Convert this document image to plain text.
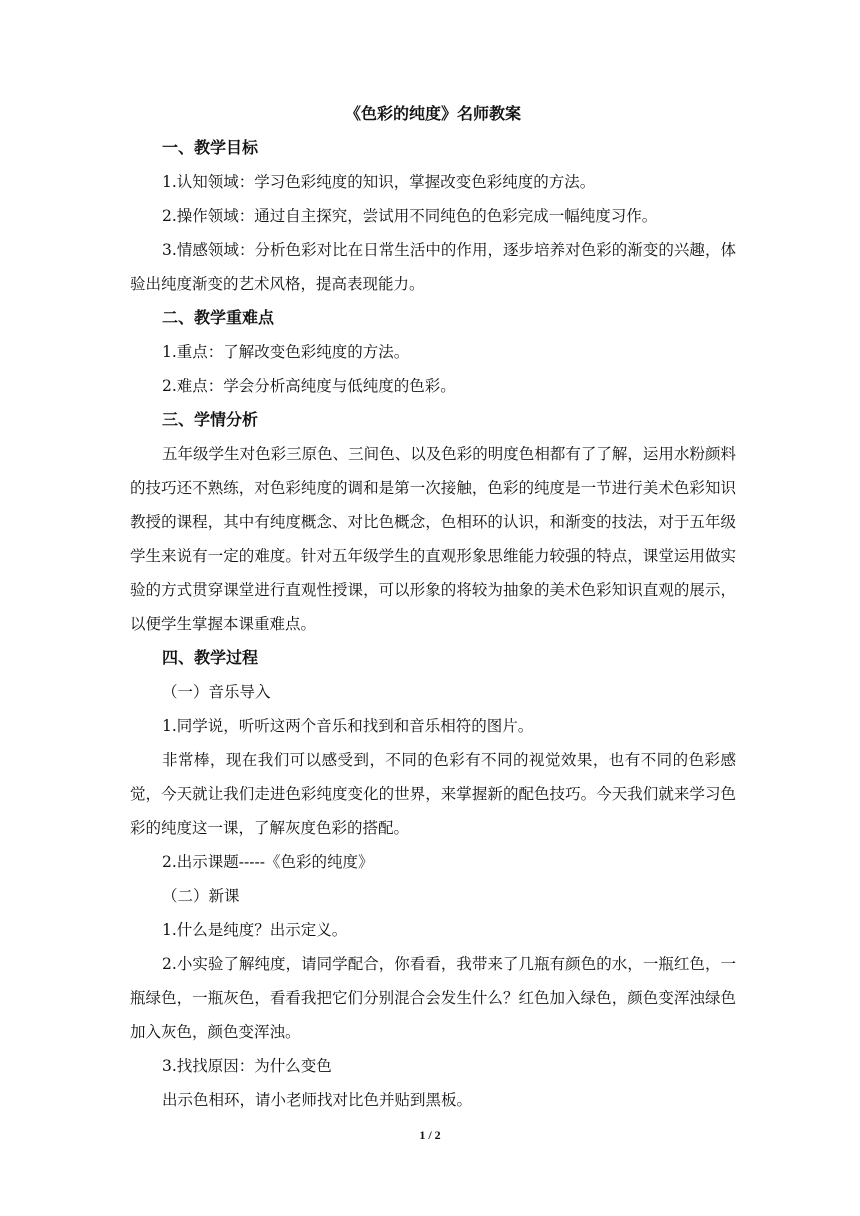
《色彩的纯度》名师教案

一、教学目标

1.认知领域：学习色彩纯度的知识，掌握改变色彩纯度的方法。

2.操作领域：通过自主探究，尝试用不同纯色的色彩完成一幅纯度习作。

3.情感领域：分析色彩对比在日常生活中的作用，逐步培养对色彩的渐变的兴趣，体验出纯度渐变的艺术风格，提高表现能力。

二、教学重难点

1.重点：了解改变色彩纯度的方法。

2.难点：学会分析高纯度与低纯度的色彩。

三、学情分析

五年级学生对色彩三原色、三间色、以及色彩的明度色相都有了了解，运用水粉颜料的技巧还不熟练，对色彩纯度的调和是第一次接触，色彩的纯度是一节进行美术色彩知识教授的课程，其中有纯度概念、对比色概念，色相环的认识，和渐变的技法，对于五年级学生来说有一定的难度。针对五年级学生的直观形象思维能力较强的特点，课堂运用做实验的方式贯穿课堂进行直观性授课，可以形象的将较为抽象的美术色彩知识直观的展示，以便学生掌握本课重难点。

四、教学过程

（一）音乐导入

1.同学说，听听这两个音乐和找到和音乐相符的图片。

非常棒，现在我们可以感受到，不同的色彩有不同的视觉效果，也有不同的色彩感觉，今天就让我们走进色彩纯度变化的世界，来掌握新的配色技巧。今天我们就来学习色彩的纯度这一课，了解灰度色彩的搭配。

2.出示课题-----《色彩的纯度》

（二）新课

1.什么是纯度？出示定义。

2.小实验了解纯度，请同学配合，你看看，我带来了几瓶有颜色的水，一瓶红色，一瓶绿色，一瓶灰色，看看我把它们分别混合会发生什么？红色加入绿色，颜色变浑浊绿色加入灰色，颜色变浑浊。

3.找找原因：为什么变色

出示色相环，请小老师找对比色并贴到黑板。

1 / 2
